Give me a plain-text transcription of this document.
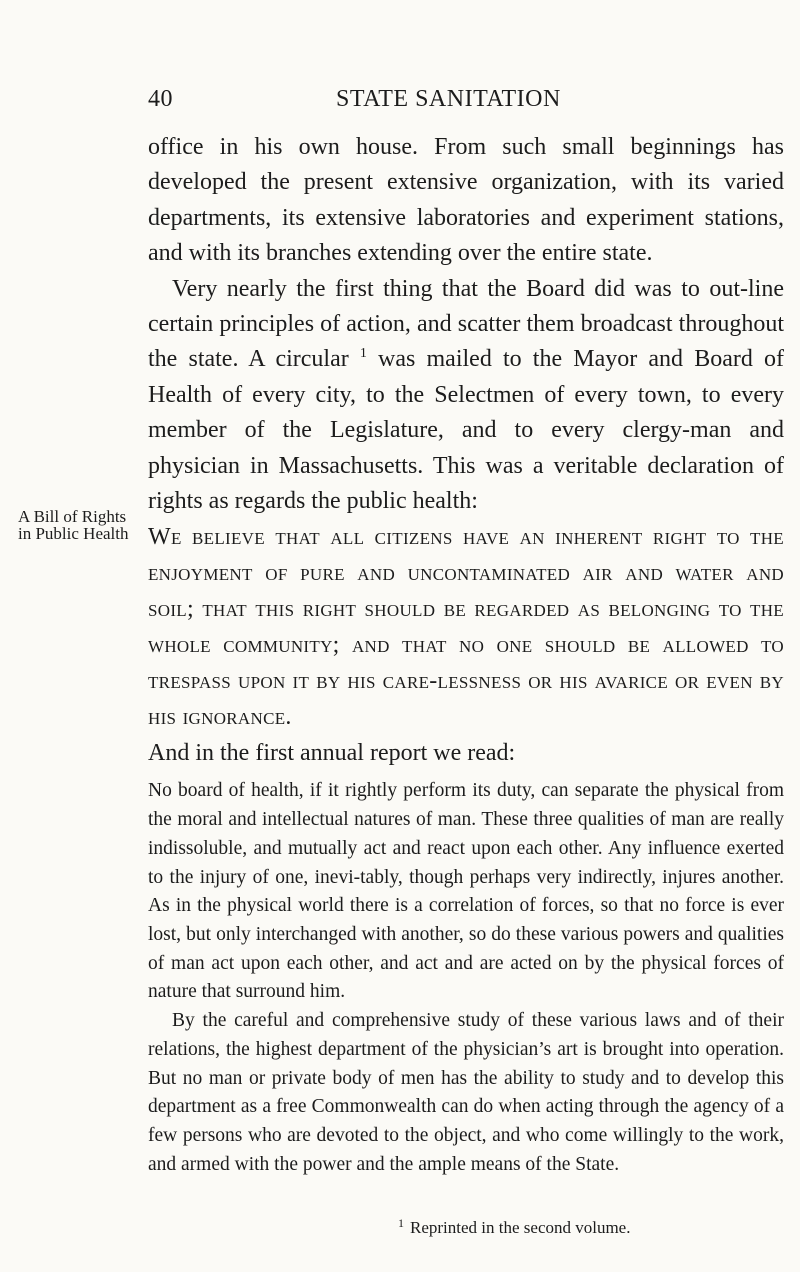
40	STATE SANITATION
A Bill of Rights in Public Health

office in his own house. From such small beginnings has developed the present extensive organization, with its varied departments, its extensive laboratories and experiment stations, and with its branches extending over the entire state.

Very nearly the first thing that the Board did was to out-line certain principles of action, and scatter them broadcast throughout the state. A circular $^1$ was mailed to the Mayor and Board of Health of every city, to the Selectmen of every town, to every member of the Legislature, and to every clergy-man and physician in Massachusetts. This was a veritable declaration of rights as regards the public health:

We believe that all citizens have an inherent right to the enjoyment of pure and uncontaminated air and water and soil; that this right should be regarded as belonging to the whole community; and that no one should be allowed to trespass upon it by his care-lessness or his avarice or even by his ignorance.

And in the first annual report we read:

No board of health, if it rightly perform its duty, can separate the physical from the moral and intellectual natures of man. These three qualities of man are really indissoluble, and mutually act and react upon each other. Any influence exerted to the injury of one, inevi-tably, though perhaps very indirectly, injures another. As in the physical world there is a correlation of forces, so that no force is ever lost, but only interchanged with another, so do these various powers and qualities of man act upon each other, and act and are acted on by the physical forces of nature that surround him.

By the careful and comprehensive study of these various laws and of their relations, the highest department of the physician’s art is brought into operation. But no man or private body of men has the ability to study and to develop this department as a free Commonwealth can do when acting through the agency of a few persons who are devoted to the object, and who come willingly to the work, and armed with the power and the ample means of the State.

$^1$ Reprinted in the second volume.
